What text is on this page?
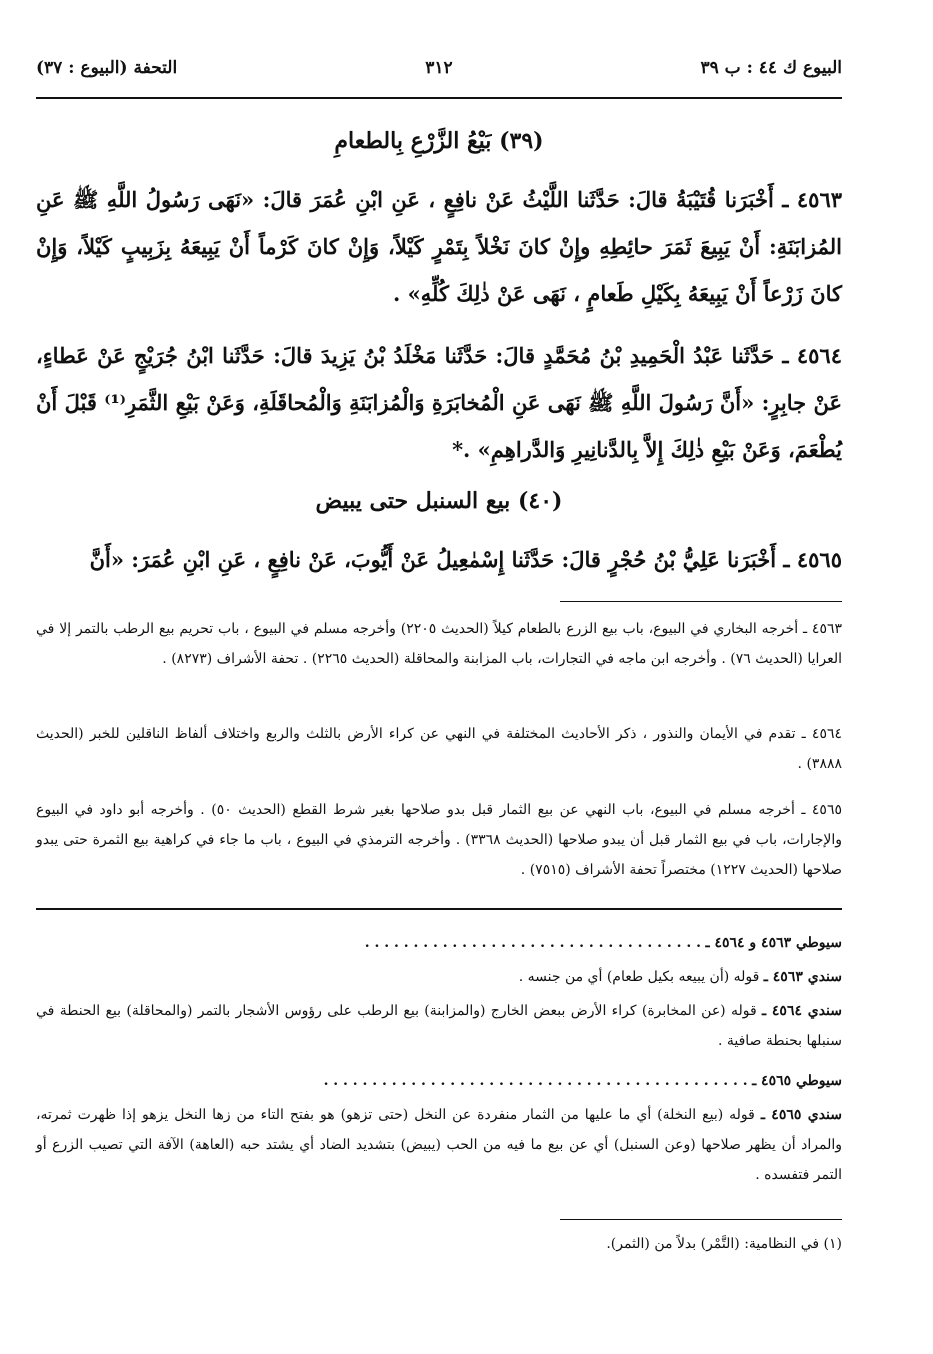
البيوع ك ٤٤ : ب ٣٩
٣١٢
التحفة (البيوع : ٣٧)
(٣٩) بَيْعُ الزَّرْعِ بِالطعامِ
٤٥٦٣ ـ أَخْبَرَنا قُتَيْبَةُ قالَ: حَدَّثَنا اللَّيْثُ عَنْ نافِعٍ ، عَنِ ابْنِ عُمَرَ قالَ: «نَهَى رَسُولُ اللَّهِ ﷺ عَنِ المُزابَنَةِ: أَنْ يَبِيعَ ثَمَرَ حائِطِهِ وإِنْ كانَ نَخْلاً بِتَمْرٍ كَيْلاً، وَإِنْ كانَ كَرْماً أَنْ يَبِيعَهُ بِزَبِيبٍ كَيْلاً، وَإِنْ كانَ زَرْعاً أَنْ يَبِيعَهُ بِكَيْلِ طَعامٍ ، نَهَى عَنْ ذٰلِكَ كُلِّهِ» .
٤٥٦٤ ـ حَدَّثَنا عَبْدُ الْحَمِيدِ بْنُ مُحَمَّدٍ قالَ: حَدَّثَنا مَخْلَدُ بْنُ يَزِيدَ قالَ: حَدَّثَنا ابْنُ جُرَيْجٍ عَنْ عَطاءٍ، عَنْ جابِرٍ: «أَنَّ رَسُولَ اللَّهِ ﷺ نَهَى عَنِ الْمُخابَرَةِ وَالْمُزابَنَةِ وَالْمُحاقَلَةِ، وَعَنْ بَيْعِ الثَّمَرِ⁽¹⁾ قَبْلَ أَنْ يُطْعَمَ، وَعَنْ بَيْعِ ذٰلِكَ إِلاَّ بِالدَّنانِيرِ وَالدَّراهِمِ» .*
(٤٠) بيع السنبل حتى يبيض
٤٥٦٥ ـ أَخْبَرَنا عَلِيُّ بْنُ حُجْرٍ قالَ: حَدَّثَنا إِسْمٰعِيلُ عَنْ أَيُّوبَ، عَنْ نافِعٍ ، عَنِ ابْنِ عُمَرَ: «أَنَّ
٤٥٦٣ ـ أخرجه البخاري في البيوع، باب بيع الزرع بالطعام كيلاً (الحديث ٢٢٠٥) وأخرجه مسلم في البيوع ، باب تحريم بيع الرطب بالتمر إلا في العرايا (الحديث ٧٦) . وأخرجه ابن ماجه في التجارات، باب المزابنة والمحاقلة (الحديث ٢٢٦٥) . تحفة الأشراف (٨٢٧٣) .
٤٥٦٤ ـ تقدم في الأيمان والنذور ، ذكر الأحاديث المختلفة في النهي عن كراء الأرض بالثلث والربع واختلاف ألفاظ الناقلين للخبر (الحديث ٣٨٨٨) .
٤٥٦٥ ـ أخرجه مسلم في البيوع، باب النهي عن بيع الثمار قبل بدو صلاحها بغير شرط القطع (الحديث ٥٠) . وأخرجه أبو داود في البيوع والإجارات، باب في بيع الثمار قبل أن يبدو صلاحها (الحديث ٣٣٦٨) . وأخرجه الترمذي في البيوع ، باب ما جاء في كراهية بيع الثمرة حتى يبدو صلاحها (الحديث ١٢٢٧) مختصراً تحفة الأشراف (٧٥١٥) .
سيوطي ٤٥٦٣ و ٤٥٦٤ ـ . . . . . . . . . . . . . . . . . . . . . . . . . . . . . . . . . . .
سندي ٤٥٦٣ ـ قوله (أن يبيعه بكيل طعام) أي من جنسه .
سندي ٤٥٦٤ ـ قوله (عن المخابرة) كراء الأرض ببعض الخارج (والمزابنة) بيع الرطب على رؤوس الأشجار بالتمر (والمحاقلة) بيع الحنطة في سنبلها بحنطة صافية .
سيوطي ٤٥٦٥ ـ . . . . . . . . . . . . . . . . . . . . . . . . . . . . . . . . . . . . . . . . . . . .
سندي ٤٥٦٥ ـ قوله (بيع النخلة) أي ما عليها من الثمار منفردة عن النخل (حتى تزهو) هو بفتح التاء من زها النخل يزهو إذا ظهرت ثمرته، والمراد أن يظهر صلاحها (وعن السنبل) أي عن بيع ما فيه من الحب (يبيض) بتشديد الضاد أي يشتد حبه (العاهة) الآفة التي تصيب الزرع أو التمر فتفسده .
(١) في النظامية: (التَّمْر) بدلاً من (الثمر).
